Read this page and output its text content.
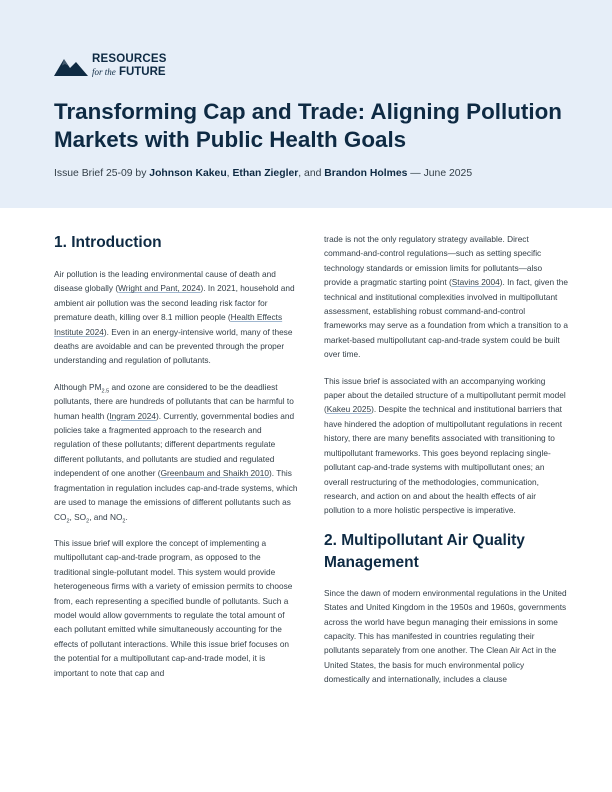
RESOURCES
for the FUTURE
Transforming Cap and Trade: Aligning Pollution Markets with Public Health Goals
Issue Brief 25-09 by Johnson Kakeu, Ethan Ziegler, and Brandon Holmes — June 2025
1. Introduction

Air pollution is the leading environmental cause of death and disease globally (Wright and Pant, 2024). In 2021, household and ambient air pollution was the second leading risk factor for premature death, killing over 8.1 million people (Health Effects Institute 2024). Even in an energy-intensive world, many of these deaths are avoidable and can be prevented through the proper understanding and regulation of pollutants.

Although $PM_{2.5}$ and ozone are considered to be the deadliest pollutants, there are hundreds of pollutants that can be harmful to human health (Ingram 2024). Currently, governmental bodies and policies take a fragmented approach to the research and regulation of these pollutants; different departments regulate different pollutants, and pollutants are studied and regulated independent of one another (Greenbaum and Shaikh 2010). This fragmentation in regulation includes cap-and-trade systems, which are used to manage the emissions of different pollutants such as $CO_2$, $SO_2$, and $NO_2$.

This issue brief will explore the concept of implementing a multipollutant cap-and-trade program, as opposed to the traditional single-pollutant model. This system would provide heterogeneous firms with a variety of emission permits to choose from, each representing a specified bundle of pollutants. Such a model would allow governments to regulate the total amount of each pollutant emitted while simultaneously accounting for the effects of pollutant interactions. While this issue brief focuses on the potential for a multipollutant cap-and-trade model, it is important to note that cap and

trade is not the only regulatory strategy available. Direct command-and-control regulations—such as setting specific technology standards or emission limits for pollutants—also provide a pragmatic starting point (Stavins 2004). In fact, given the technical and institutional complexities involved in multipollutant assessment, establishing robust command-and-control frameworks may serve as a foundation from which a transition to a market-based multipollutant cap-and-trade system could be built over time.

This issue brief is associated with an accompanying working paper about the detailed structure of a multipollutant permit model (Kakeu 2025). Despite the technical and institutional barriers that have hindered the adoption of multipollutant regulations in recent history, there are many benefits associated with transitioning to multipollutant frameworks. This goes beyond replacing single-pollutant cap-and-trade systems with multipollutant ones; an overall restructuring of the methodologies, communication, research, and action on and about the health effects of air pollution to a more holistic perspective is imperative.

2. Multipollutant Air Quality Management

Since the dawn of modern environmental regulations in the United States and United Kingdom in the 1950s and 1960s, governments across the world have begun managing their emissions in some capacity. This has manifested in countries regulating their pollutants separately from one another. The Clean Air Act in the United States, the basis for much environmental policy domestically and internationally, includes a clause
